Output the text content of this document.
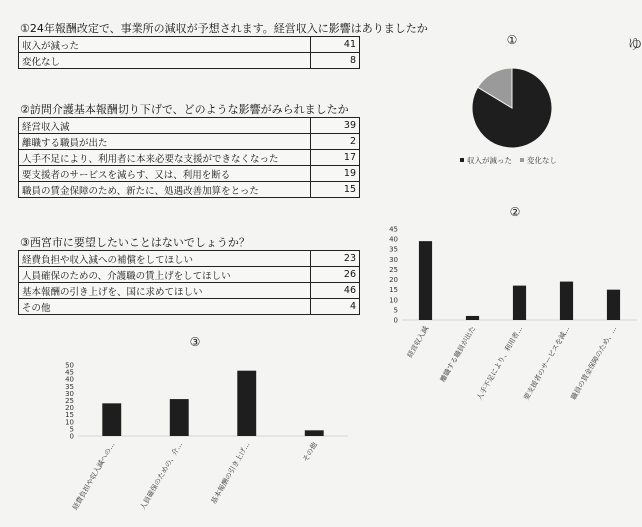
①24年報酬改定で、事業所の減収が予想されます。経営収入に影響はありましたか
収入が減った	41
変化なし	8
②訪問介護基本報酬切り下げで、どのような影響がみられましたか
経営収入減	39
離職する職員が出た	2
人手不足により、利用者に本来必要な支援ができなくなった	17
要支援者のサービスを減らす、又は、利用を断る	19
職員の賃金保障のため、新たに、処遇改善加算をとった	15
③西宮市に要望したいことはないでしょうか？
経費負担や収入減への補償をしてほしい	23
人員確保のための、介護職の賃上げをしてほしい	26
基本報酬の引き上げを、国に求めてほしい	46
その他	4
ゆ
①
収入が減った 変化なし
②
0
5
10
15
20
25
30
35
40
45
経営収入減 離職する職員が出た
人手不足により、利用者...
要支援者のサービスを減...
職員の賃金保障のため、...
③
0
5
10
15
20
25
30
35
40
45
50
経費負担や収入減への...	人員確保のための、介...	基本報酬の引き上げ...	その他
